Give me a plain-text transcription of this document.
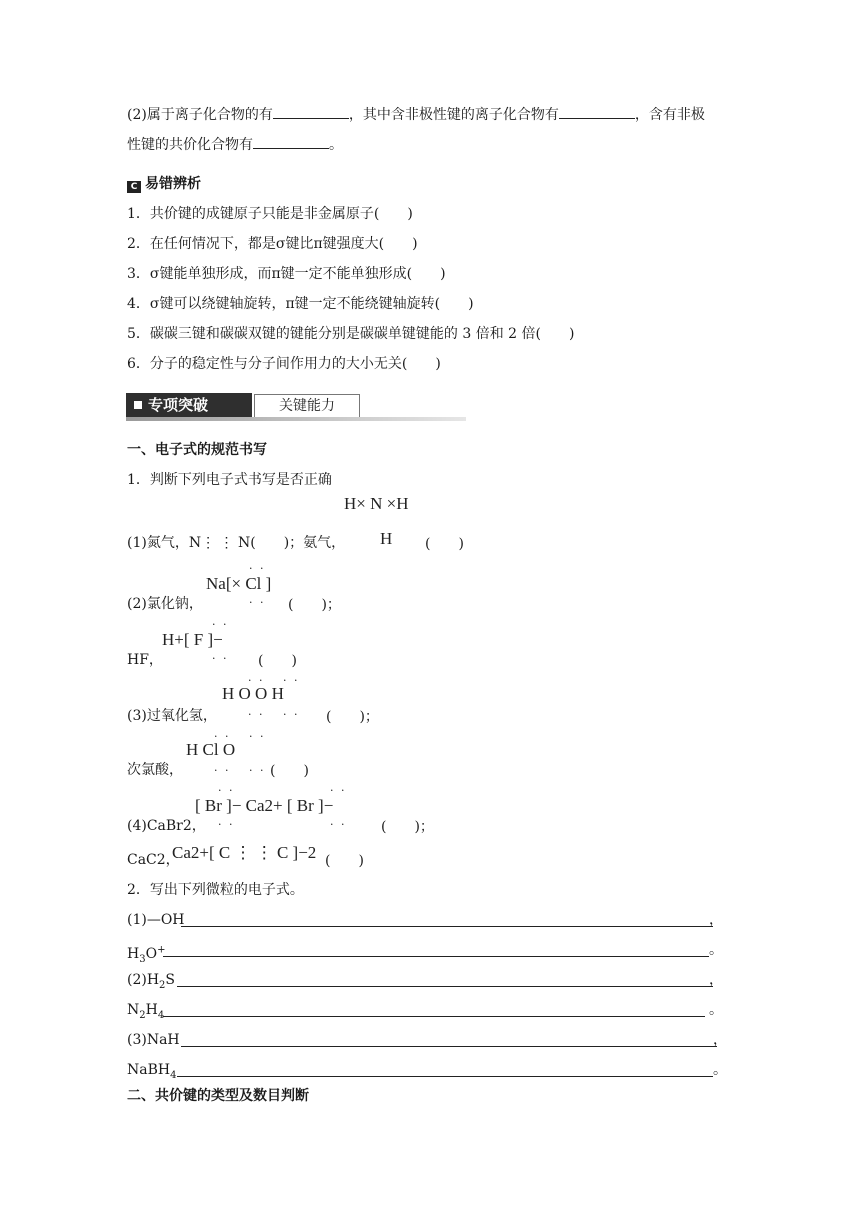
(2)属于离子化合物的有	，其中含非极性键的离子化合物有	，含有非极
性键的共价化合物有	。
C 易错辨析
1．共价键的成键原子只能是非金属原子(　　)
2．在任何情况下，都是σ键比π键强度大(　　)
3．σ键能单独形成，而π键一定不能单独形成(　　)
4．σ键可以绕键轴旋转，π键一定不能绕键轴旋转(　　)
5．碳碳三键和碳碳双键的键能分别是碳碳单键键能的 3 倍和 2 倍(　　)
6．分子的稳定性与分子间作用力的大小无关(　　)
专项突破	关键能力
一、电子式的规范书写
1．判断下列电子式书写是否正确
H× N ×H
H
(1)氮气，N⋮ ⋮ N(　　)；氨气，	(　　)
· ·
Na[× Cl ]
· ·
(2)氯化钠，	(　　)；
· ·
H+[ F ]−
· ·
HF，	(　　)
· ·　 · ·
H O O H
· ·　 · ·
(3)过氧化氢，	(　　)；
· ·　 · ·
H Cl O
· ·　 · ·
次氯酸，	(　　)
· ·	· ·
[ Br ]− Ca2+ [ Br ]−
· ·	· ·
(4)CaBr2，	(　　)；
Ca2+[ C ⋮ ⋮ C ]−2
CaC2，	(　　)
2．写出下列微粒的电子式。
(1)—OH	，
$H_3O^+$	。
$(2)H_2S$	，
$N_2H_4$	。
(3)NaH	，
NaBH$_4$	。
二、共价键的类型及数目判断
